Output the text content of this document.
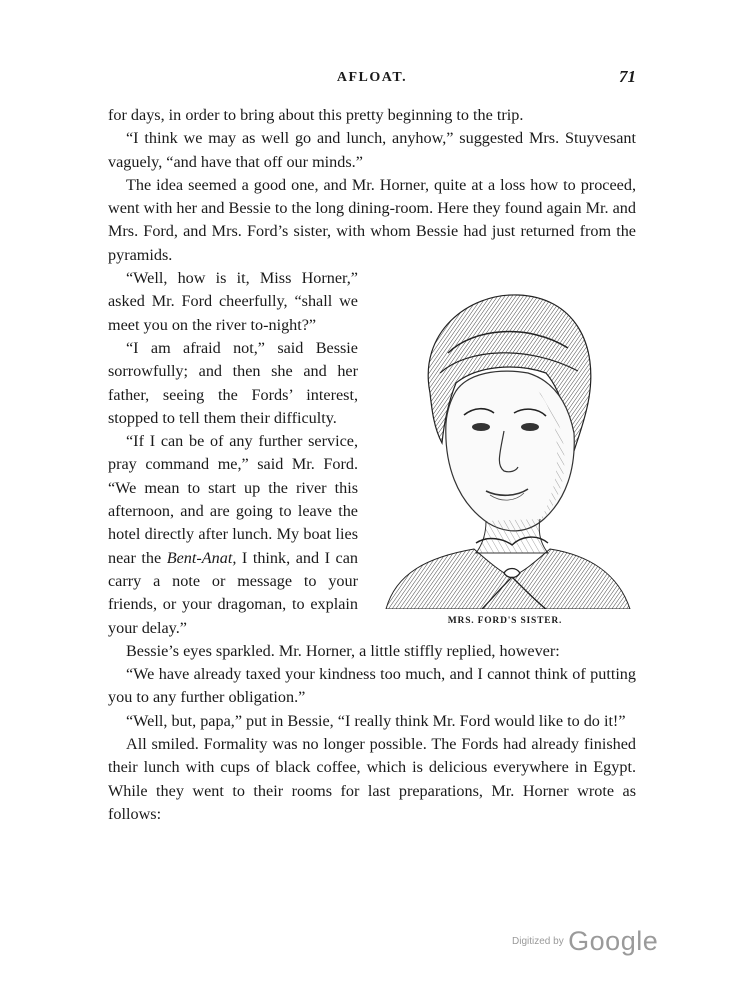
AFLOAT.	71

for days, in order to bring about this pretty beginning to the trip.

“I think we may as well go and lunch, anyhow,” suggested Mrs. Stuyvesant vaguely, “and have that off our minds.”

The idea seemed a good one, and Mr. Horner, quite at a loss how to proceed, went with her and Bessie to the long dining-room. Here they found again Mr. and Mrs. Ford, and Mrs. Ford’s sister, with whom Bessie had just returned from the pyramids.

MRS. FORD'S SISTER.

“Well, how is it, Miss Horner,” asked Mr. Ford cheerfully, “shall we meet you on the river to-night?”

“I am afraid not,” said Bessie sorrowfully; and then she and her father, seeing the Fords’ interest, stopped to tell them their difficulty.

“If I can be of any further service, pray command me,” said Mr. Ford. “We mean to start up the river this afternoon, and are going to leave the hotel directly after lunch. My boat lies near the Bent-Anat, I think, and I can carry a note or message to your friends, or your dragoman, to explain your delay.”

Bessie’s eyes sparkled. Mr. Horner, a little stiffly replied, however:

“We have already taxed your kindness too much, and I cannot think of putting you to any further obligation.”

“Well, but, papa,” put in Bessie, “I really think Mr. Ford would like to do it!”

All smiled. Formality was no longer possible. The Fords had already finished their lunch with cups of black coffee, which is delicious everywhere in Egypt. While they went to their rooms for last preparations, Mr. Horner wrote as follows:

Digitized by Google
